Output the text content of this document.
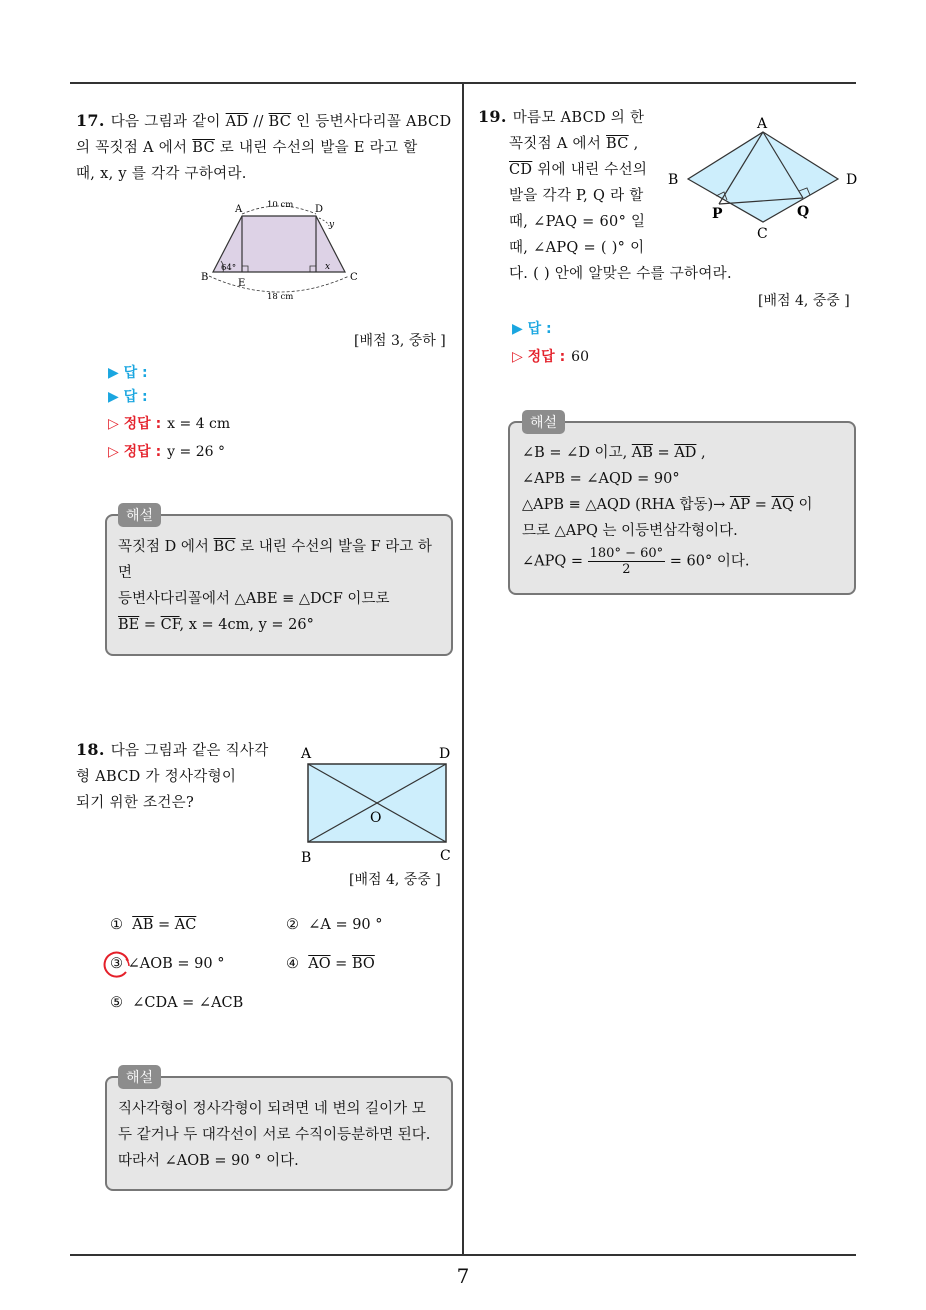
7
17. 다음 그림과 같이 $\overline{AD} // \overline{BC}$ 인 등변사다리꼴 ABCD
의 꼭짓점 A 에서 $\overline{BC}$ 로 내린 수선의 발을 E 라고 할
때, x, y 를 각각 구하여라.
A	D
B	C
E
10 cm
18 cm
64°	x
y
[배점 3, 중하 ]
▶ 답 :
▶ 답 :
▷ 정답 : x = 4 cm
▷ 정답 : y = 26 °
해설
꼭짓점 D 에서 $\overline{BC}$ 로 내린 수선의 발을 F 라고 하
면
등변사다리꼴에서 △ABE ≡ △DCF 이므로
$\overline{BE} = \overline{CF}$, x = 4cm, y = 26°
18. 다음 그림과 같은 직사각
형 ABCD 가 정사각형이
되기 위한 조건은?
A	D
B	C
O
[배점 4, 중중 ]
① $\overline{AB} = \overline{AC}$	② ∠A = 90 °
③ ∠AOB = 90 °	④ $\overline{AO} = \overline{BO}$
⑤ ∠CDA = ∠ACB
해설
직사각형이 정사각형이 되려면 네 변의 길이가 모
두 같거나 두 대각선이 서로 수직이등분하면 된다.
따라서 ∠AOB = 90 ° 이다.
19. 마름모 ABCD 의 한
꼭짓점 A 에서 $\overline{BC}$ ,
$\overline{CD}$ 위에 내린 수선의
발을 각각 P, Q 라 할
때, ∠PAQ = 60° 일
때, ∠APQ = ( )° 이
다. ( ) 안에 알맞은 수를 구하여라.
A
B	D
C
P	Q
[배점 4, 중중 ]
▶ 답 :
▷ 정답 : 60
해설
∠B = ∠D 이고, $\overline{AB} = \overline{AD}$ ,
∠APB = ∠AQD = 90°
△APB ≡ △AQD (RHA 합동)→ $\overline{AP} = \overline{AQ}$ 이
므로 △APQ 는 이등변삼각형이다.
∠APQ = $\frac{180^\circ - 60^\circ}{2} = 60^\circ$ 이다.
